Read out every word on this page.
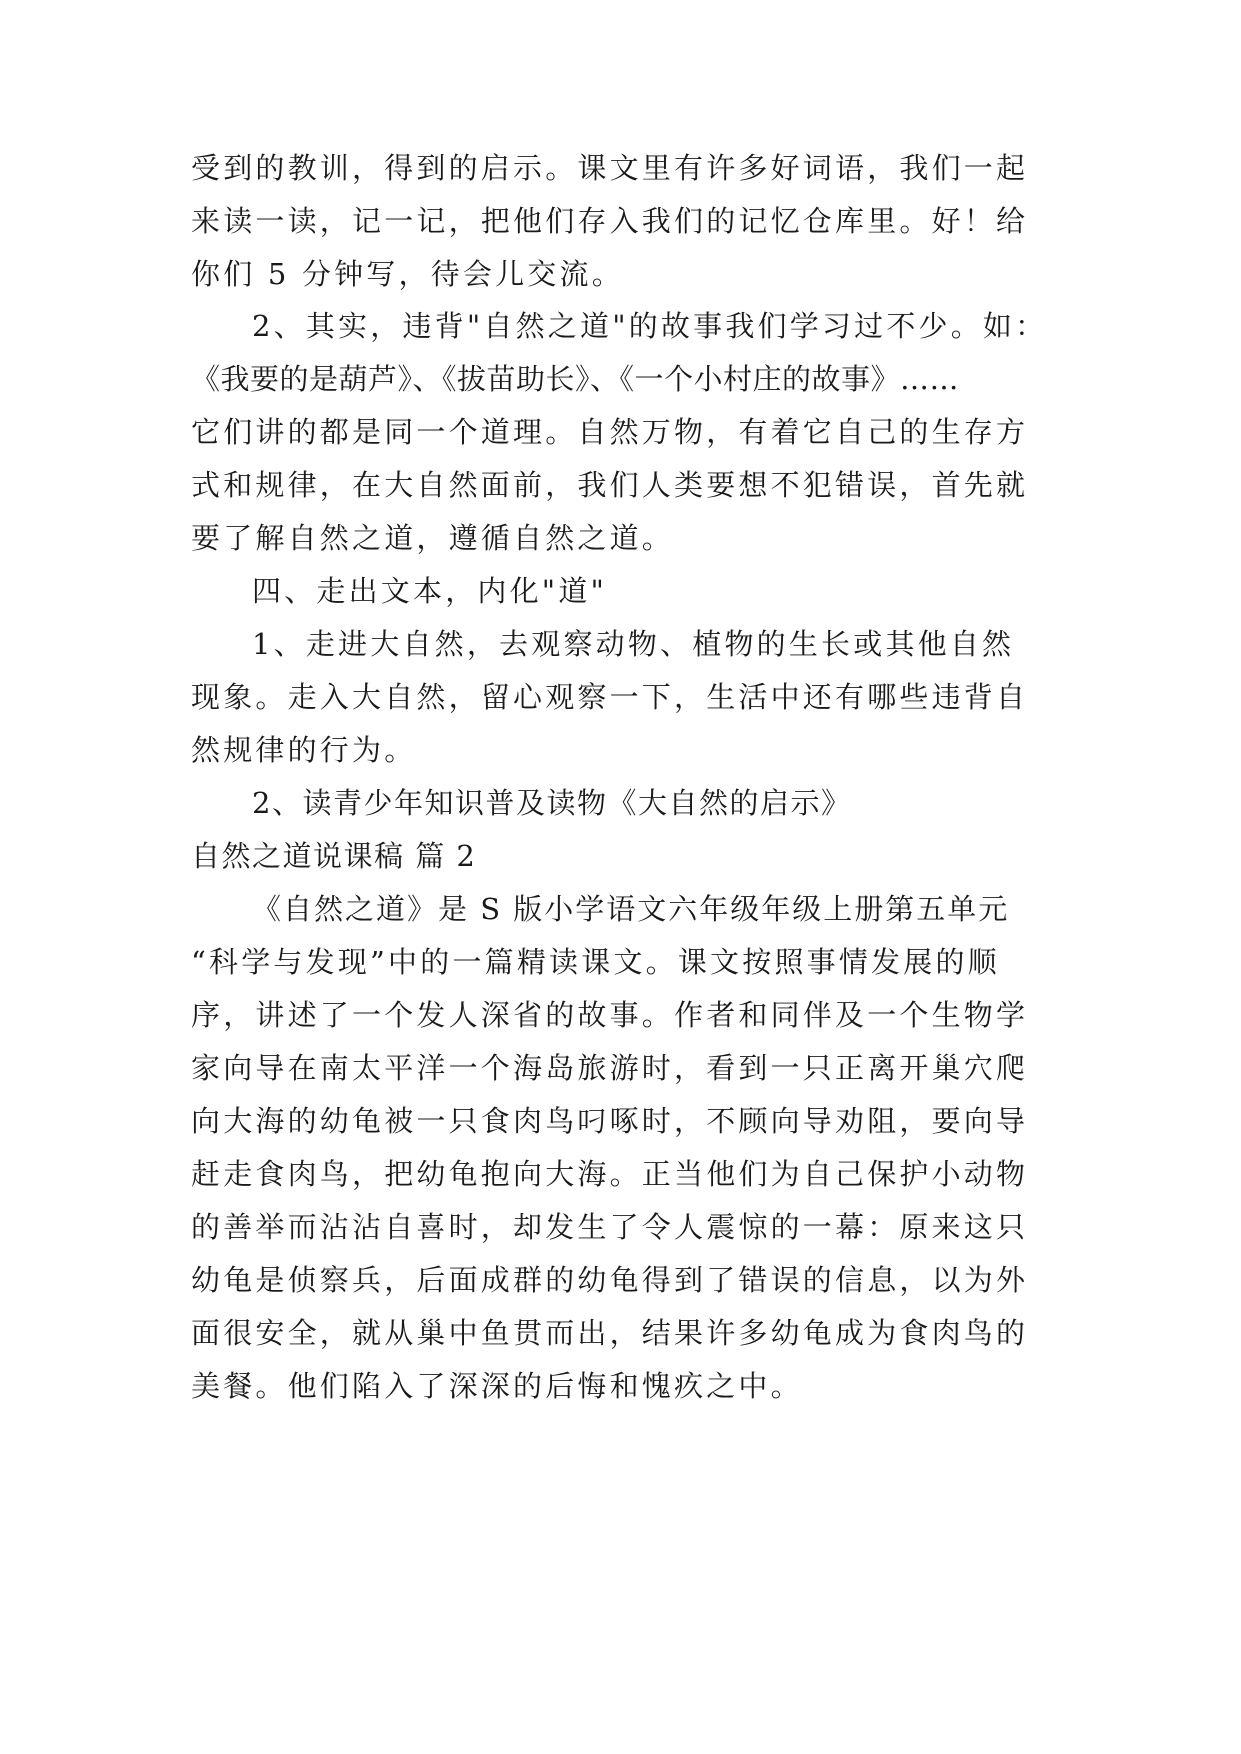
受到的教训，得到的启示。课文里有许多好词语，我们一起
来读一读，记一记，把他们存入我们的记忆仓库里。好！给
你们 5 分钟写，待会儿交流。
2、其实，违背"自然之道"的故事我们学习过不少。如：
《我要的是葫芦》、《拔苗助长》、《一个小村庄的故事》……
它们讲的都是同一个道理。自然万物，有着它自己的生存方
式和规律，在大自然面前，我们人类要想不犯错误，首先就
要了解自然之道，遵循自然之道。
四、走出文本，内化"道"
1、走进大自然，去观察动物、植物的生长或其他自然
现象。走入大自然，留心观察一下，生活中还有哪些违背自
然规律的行为。
2、读青少年知识普及读物《大自然的启示》
自然之道说课稿 篇 2
《自然之道》是 S 版小学语文六年级年级上册第五单元
“科学与发现”中的一篇精读课文。课文按照事情发展的顺
序，讲述了一个发人深省的故事。作者和同伴及一个生物学
家向导在南太平洋一个海岛旅游时，看到一只正离开巢穴爬
向大海的幼龟被一只食肉鸟叼啄时，不顾向导劝阻，要向导
赶走食肉鸟，把幼龟抱向大海。正当他们为自己保护小动物
的善举而沾沾自喜时，却发生了令人震惊的一幕：原来这只
幼龟是侦察兵，后面成群的幼龟得到了错误的信息，以为外
面很安全，就从巢中鱼贯而出，结果许多幼龟成为食肉鸟的
美餐。他们陷入了深深的后悔和愧疚之中。
